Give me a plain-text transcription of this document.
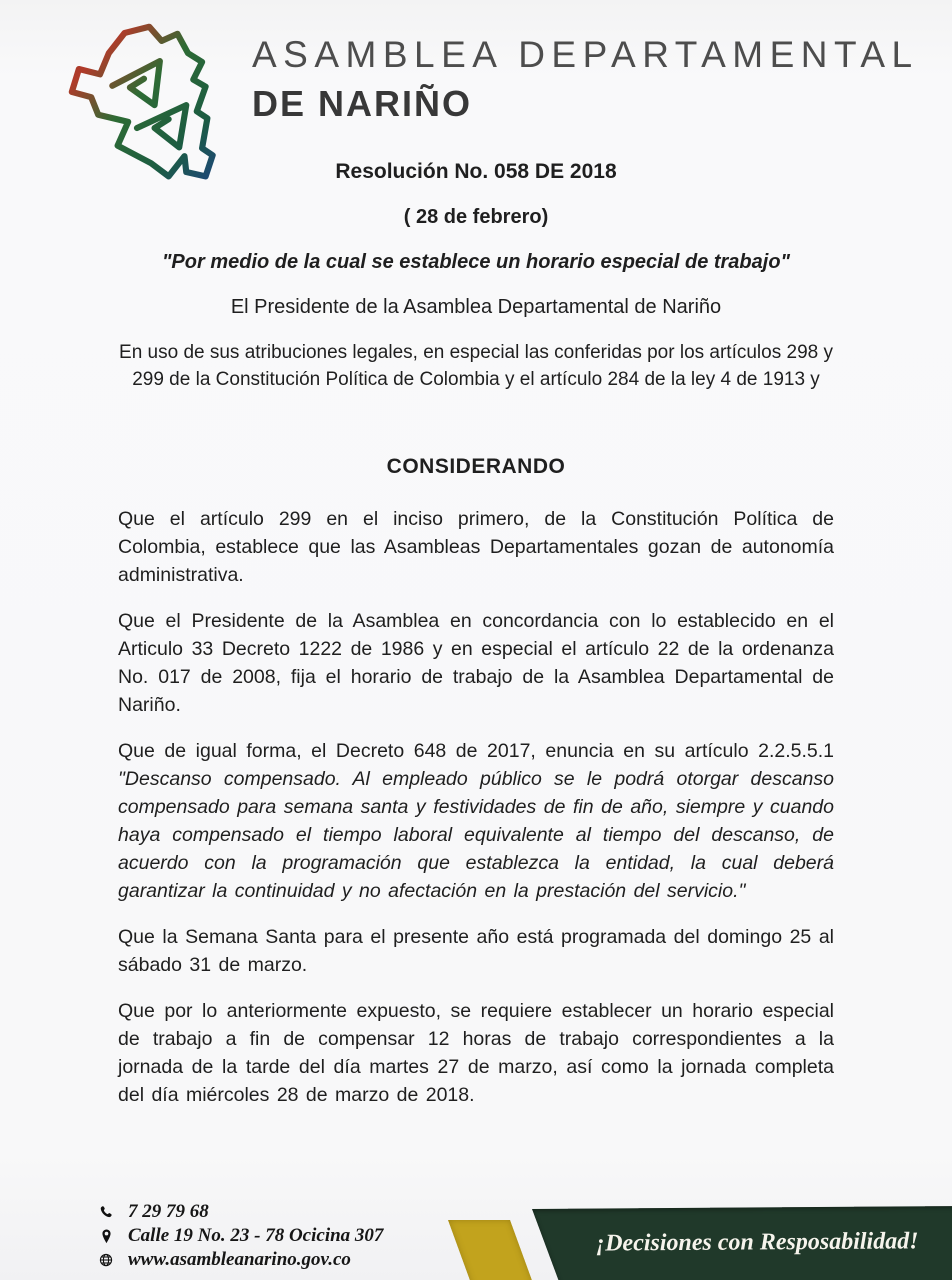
ASAMBLEA DEPARTAMENTAL
DE NARIÑO

Resolución No. 058 DE 2018

( 28 de febrero)

"Por medio de la cual se establece un horario especial de trabajo"

El Presidente de la Asamblea Departamental de Nariño

En uso de sus atribuciones legales, en especial las conferidas por los artículos 298 y 299 de la Constitución Política de Colombia y el artículo 284 de la ley 4 de 1913 y

CONSIDERANDO

Que el artículo 299 en el inciso primero, de la Constitución Política de Colombia, establece que las Asambleas Departamentales gozan de autonomía administrativa.

Que el Presidente de la Asamblea en concordancia con lo establecido en el Articulo 33 Decreto 1222 de 1986 y en especial el artículo 22 de la ordenanza No. 017 de 2008, fija el horario de trabajo de la Asamblea Departamental de Nariño.

Que de igual forma, el Decreto 648 de 2017, enuncia en su artículo 2.2.5.5.1 "Descanso compensado. Al empleado público se le podrá otorgar descanso compensado para semana santa y festividades de fin de año, siempre y cuando haya compensado el tiempo laboral equivalente al tiempo del descanso, de acuerdo con la programación que establezca la entidad, la cual deberá garantizar la continuidad y no afectación en la prestación del servicio."

Que la Semana Santa para el presente año está programada del domingo 25 al sábado 31 de marzo.

Que por lo anteriormente expuesto, se requiere establecer un horario especial de trabajo a fin de compensar 12 horas de trabajo correspondientes a la jornada de la tarde del día martes 27 de marzo, así como la jornada completa del día miércoles 28 de marzo de 2018.

7 29 79 68
Calle 19 No. 23 - 78 Ocicina 307
www.asambleanarino.gov.co
¡Decisiones con Resposabilidad!
